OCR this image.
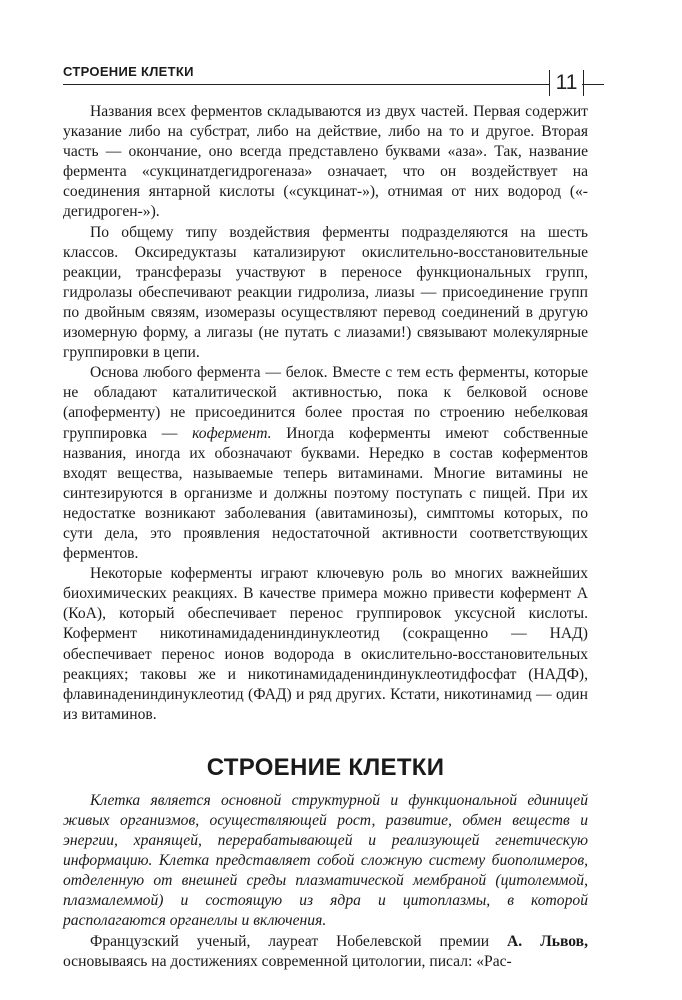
СТРОЕНИЕ КЛЕТКИ	11

Названия всех ферментов складываются из двух частей. Первая содержит указание либо на субстрат, либо на действие, либо на то и другое. Вторая часть — окончание, оно всегда представлено буквами «аза». Так, название фермента «сукцинатдегидрогеназа» означает, что он воздействует на соединения янтарной кислоты («сукцинат-»), отнимая от них водород («-дегидроген-»).

По общему типу воздействия ферменты подразделяются на шесть классов. Оксиредуктазы катализируют окислительно-восстановительные реакции, трансферазы участвуют в переносе функциональных групп, гидролазы обеспечивают реакции гидролиза, лиазы — присоединение групп по двойным связям, изомеразы осуществляют перевод соединений в другую изомерную форму, а лигазы (не путать с лиазами!) связывают молекулярные группировки в цепи.

Основа любого фермента — белок. Вместе с тем есть ферменты, которые не обладают каталитической активностью, пока к белковой основе (апоферменту) не присоединится более простая по строению небелковая группировка — кофермент. Иногда коферменты имеют собственные названия, иногда их обозначают буквами. Нередко в состав коферментов входят вещества, называемые теперь витаминами. Многие витамины не синтезируются в организме и должны поэтому поступать с пищей. При их недостатке возникают заболевания (авитаминозы), симптомы которых, по сути дела, это проявления недостаточной активности соответствующих ферментов.

Некоторые коферменты играют ключевую роль во многих важнейших биохимических реакциях. В качестве примера можно привести кофермент А (КоА), который обеспечивает перенос группировок уксусной кислоты. Кофермент никотинамидадениндинуклеотид (сокращенно — НАД) обеспечивает перенос ионов водорода в окислительно-восстановительных реакциях; таковы же и никотинамидадениндинуклеотидфосфат (НАДФ), флавинадениндинуклеотид (ФАД) и ряд других. Кстати, никотинамид — один из витаминов.

СТРОЕНИЕ КЛЕТКИ

Клетка является основной структурной и функциональной единицей живых организмов, осуществляющей рост, развитие, обмен веществ и энергии, хранящей, перерабатывающей и реализующей генетическую информацию. Клетка представляет собой сложную систему биополимеров, отделенную от внешней среды плазматической мембраной (цитолеммой, плазмалеммой) и состоящую из ядра и цитоплазмы, в которой располагаются органеллы и включения.

Французский ученый, лауреат Нобелевской премии А. Львов, основываясь на достижениях современной цитологии, писал: «Рас-
